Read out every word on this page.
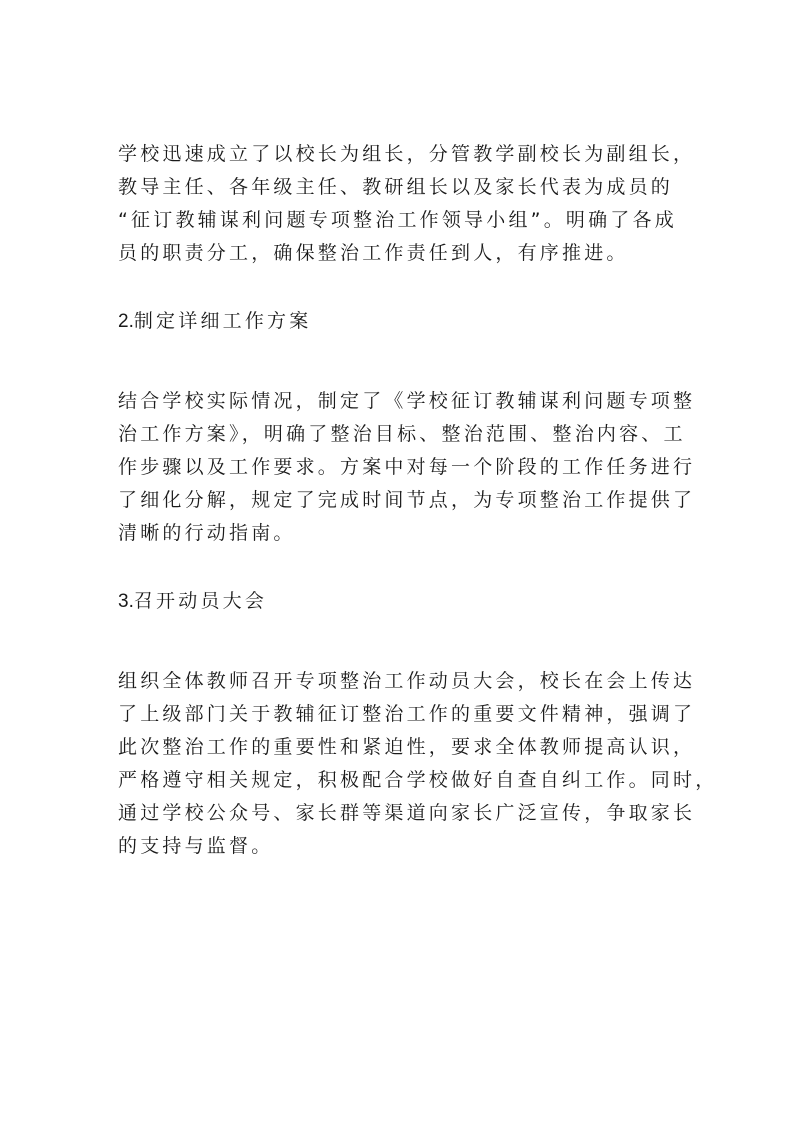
学校迅速成立了以校长为组长，分管教学副校长为副组长，
教导主任、各年级主任、教研组长以及家长代表为成员的
“征订教辅谋利问题专项整治工作领导小组”。明确了各成
员的职责分工，确保整治工作责任到人，有序推进。
2.制定详细工作方案
结合学校实际情况，制定了《学校征订教辅谋利问题专项整
治工作方案》，明确了整治目标、整治范围、整治内容、工
作步骤以及工作要求。方案中对每一个阶段的工作任务进行
了细化分解，规定了完成时间节点，为专项整治工作提供了
清晰的行动指南。
3.召开动员大会
组织全体教师召开专项整治工作动员大会，校长在会上传达
了上级部门关于教辅征订整治工作的重要文件精神，强调了
此次整治工作的重要性和紧迫性，要求全体教师提高认识，
严格遵守相关规定，积极配合学校做好自查自纠工作。同时，
通过学校公众号、家长群等渠道向家长广泛宣传，争取家长
的支持与监督。
